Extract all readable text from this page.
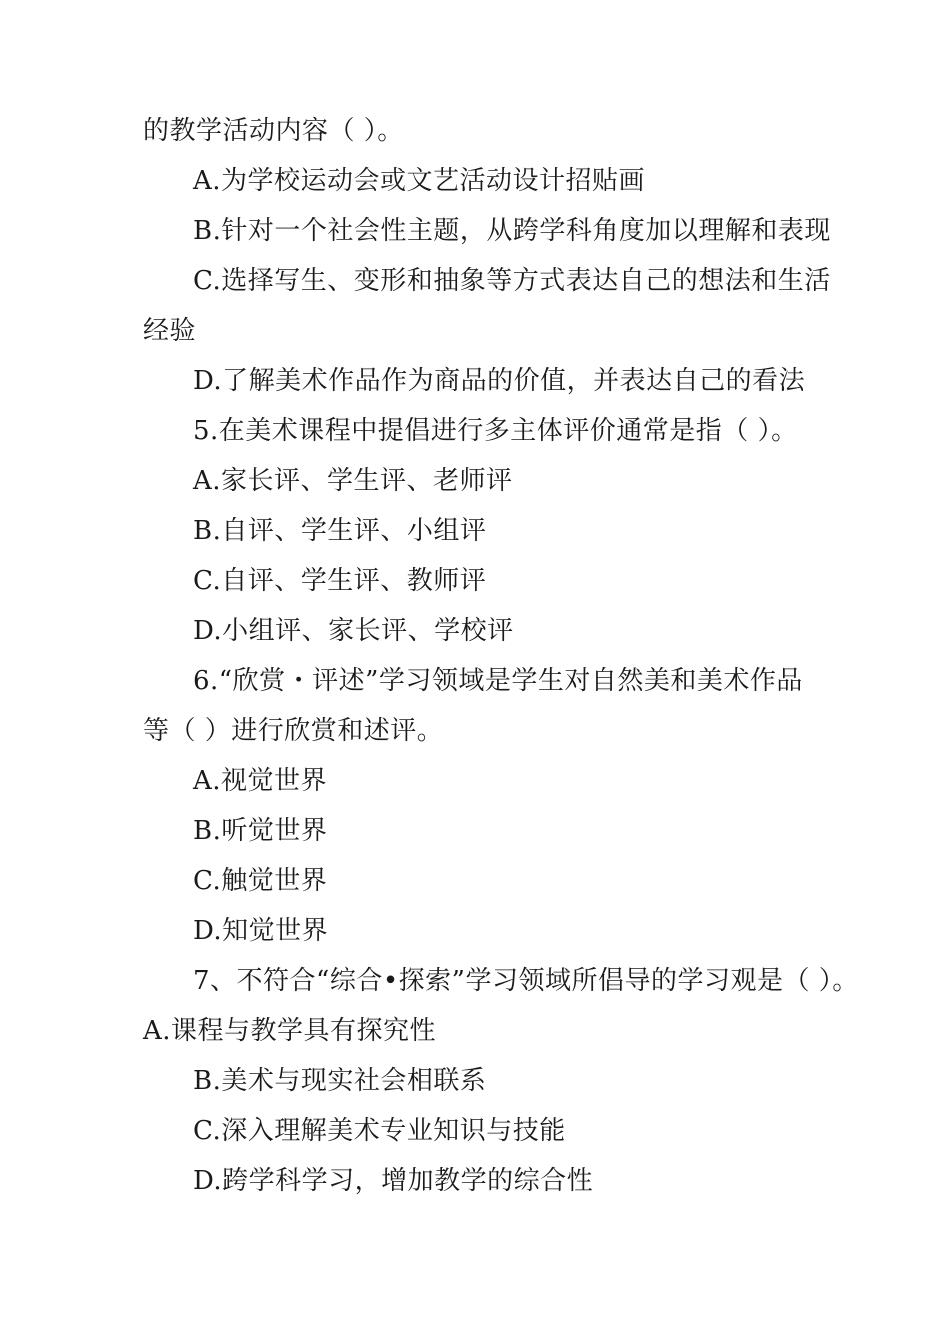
的教学活动内容（ ）。
A.为学校运动会或文艺活动设计招贴画
B.针对一个社会性主题，从跨学科角度加以理解和表现
C.选择写生、变形和抽象等方式表达自己的想法和生活
经验
D.了解美术作品作为商品的价值，并表达自己的看法
5.在美术课程中提倡进行多主体评价通常是指（ ）。
A.家长评、学生评、老师评
B.自评、学生评、小组评
C.自评、学生评、教师评
D.小组评、家长评、学校评
6.“欣赏・评述”学习领域是学生对自然美和美术作品
等（ ）进行欣赏和述评。
A.视觉世界
B.听觉世界
C.触觉世界
D.知觉世界
7、不符合“综合•探索”学习领域所倡导的学习观是（ ）。
A.课程与教学具有探究性
B.美术与现实社会相联系
C.深入理解美术专业知识与技能
D.跨学科学习，增加教学的综合性
